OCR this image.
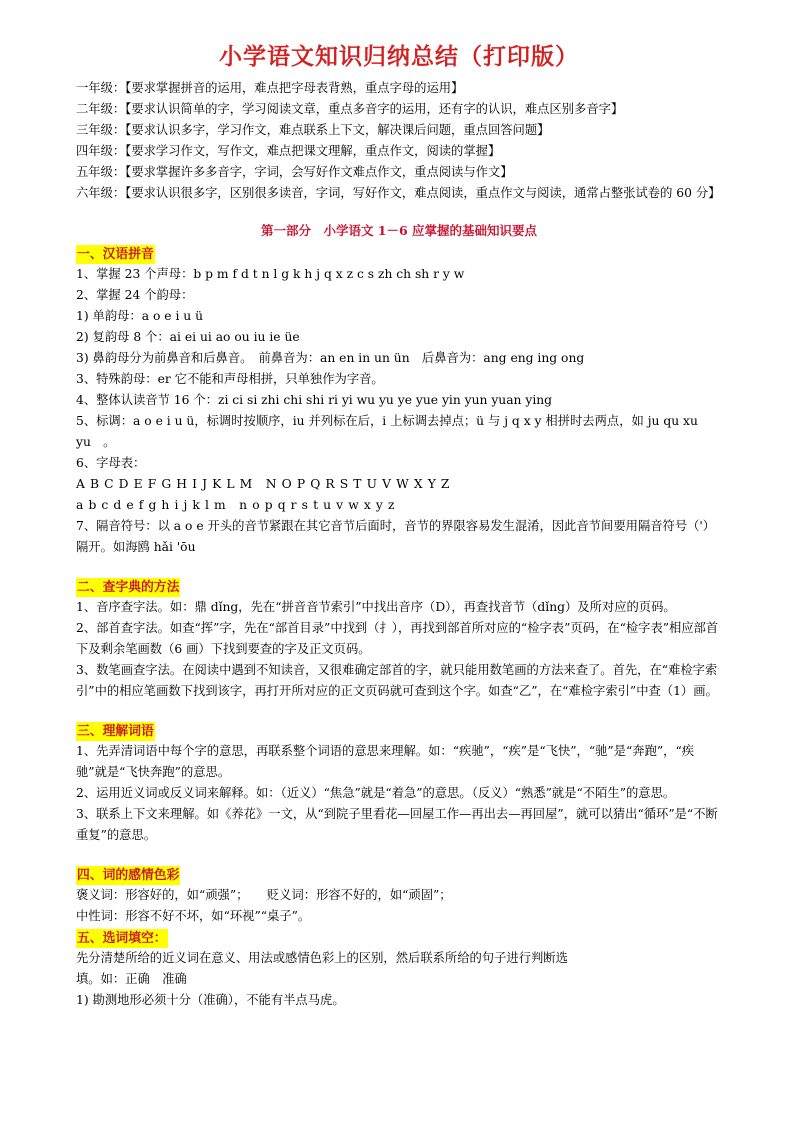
小学语文知识归纳总结（打印版）
一年级：【要求掌握拼音的运用，难点把字母表背熟，重点字母的运用】
二年级：【要求认识简单的字，学习阅读文章，重点多音字的运用，还有字的认识，难点区别多音字】
三年级：【要求认识多字，学习作文，难点联系上下文，解决课后问题，重点回答问题】
四年级：【要求学习作文，写作文，难点把课文理解，重点作文，阅读的掌握】
五年级：【要求掌握许多多音字，字词，会写好作文难点作文，重点阅读与作文】
六年级：【要求认识很多字，区别很多读音，字词，写好作文，难点阅读，重点作文与阅读，通常占整张试卷的 60 分】
第一部分　小学语文 1－6 应掌握的基础知识要点
一、汉语拼音
1、掌握 23 个声母：b p m f d t n l g k h j q x z c s zh ch sh r y w
2、掌握 24 个韵母：
1) 单韵母：a o e i u ü
2) 复韵母 8 个：ai ei ui ao ou iu ie üe
3) 鼻韵母分为前鼻音和后鼻音。　前鼻音为：an en in un ün　后鼻音为：ang eng ing ong
3、特殊韵母：er 它不能和声母相拼，只单独作为字音。
4、整体认读音节 16 个：zi ci si zhi chi shi ri yi wu yu ye yue yin yun yuan ying
5、标调：a o e i u ü，标调时按顺序，iu 并列标在后，i 上标调去掉点；ü 与 j q x y 相拼时去两点，如 ju qu xu yu　。
6、字母表：
A B C D E F G H I J K L M　N O P Q R S T U V W X Y Z
a b c d e f g h i j k l m　n o p q r s t u v w x y z
7、隔音符号：以 a o e 开头的音节紧跟在其它音节后面时，音节的界限容易发生混淆，因此音节间要用隔音符号（'）隔开。如海鸥 hǎi 'ōu
二、查字典的方法
1、音序查字法。如：鼎 dǐng，先在“拼音音节索引”中找出音序（D），再查找音节（dǐng）及所对应的页码。
2、部首查字法。如查“挥”字，先在“部首目录”中找到（扌），再找到部首所对应的“检字表”页码，在“检字表”相应部首下及剩余笔画数（6 画）下找到要查的字及正文页码。
3、数笔画查字法。在阅读中遇到不知读音，又很难确定部首的字，就只能用数笔画的方法来查了。首先，在“难检字索引”中的相应笔画数下找到该字，再打开所对应的正文页码就可查到这个字。如查“乙”，在“难检字索引”中查（1）画。
三、理解词语
1、先弄清词语中每个字的意思，再联系整个词语的意思来理解。如：“疾驰”，“疾”是“飞快”，“驰”是“奔跑”，“疾驰”就是“飞快奔跑”的意思。
2、运用近义词或反义词来解释。如：（近义）“焦急”就是“着急”的意思。（反义）“熟悉”就是“不陌生”的意思。
3、联系上下文来理解。如《养花》一文，从“到院子里看花—回屋工作—再出去—再回屋”，就可以猜出“循环”是“不断重复”的意思。
四、词的感情色彩
褒义词：形容好的，如“顽强”；　　贬义词：形容不好的，如“顽固”；
中性词：形容不好不坏，如“环视”“桌子”。
五、选词填空：
先分清楚所给的近义词在意义、用法或感情色彩上的区别，然后联系所给的句子进行判断选
填。如：正确　准确
1) 勘测地形必须十分（准确），不能有半点马虎。
